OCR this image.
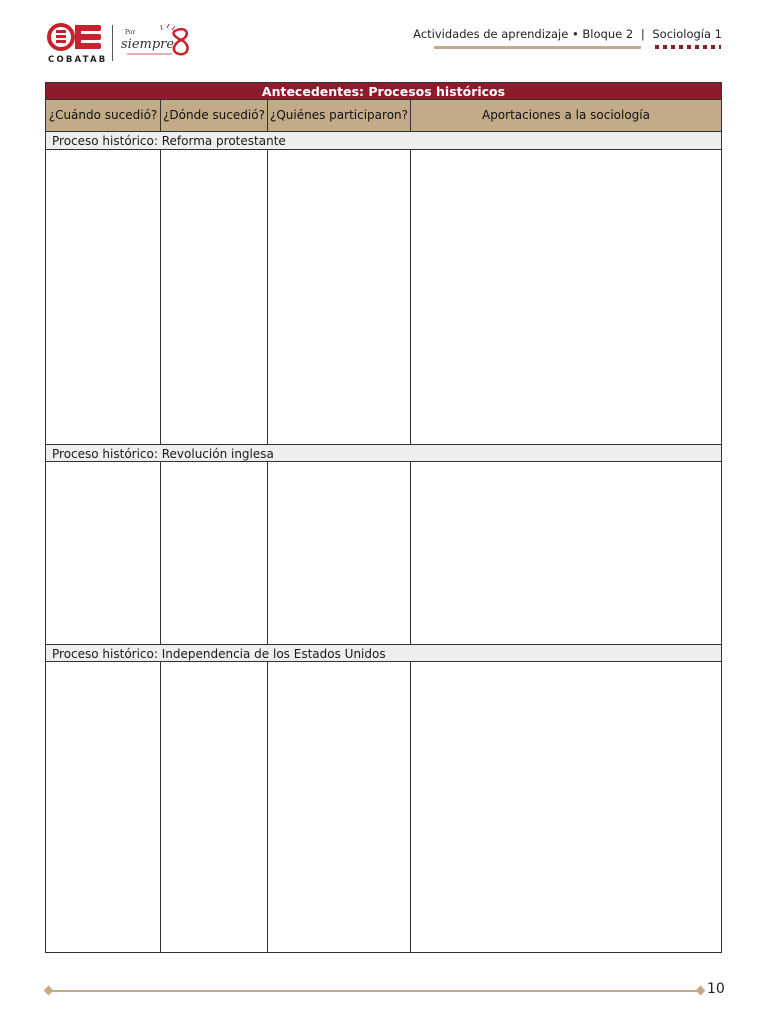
COBATAB
Por
siempre
Actividades de aprendizaje • Bloque 2 | Sociología 1
Antecedentes: Procesos históricos
¿Cuándo sucedió? ¿Dónde sucedió? ¿Quiénes participaron?	Aportaciones a la sociología
Proceso histórico: Reforma protestante
Proceso histórico: Revolución inglesa
Proceso histórico: Independencia de los Estados Unidos
10
